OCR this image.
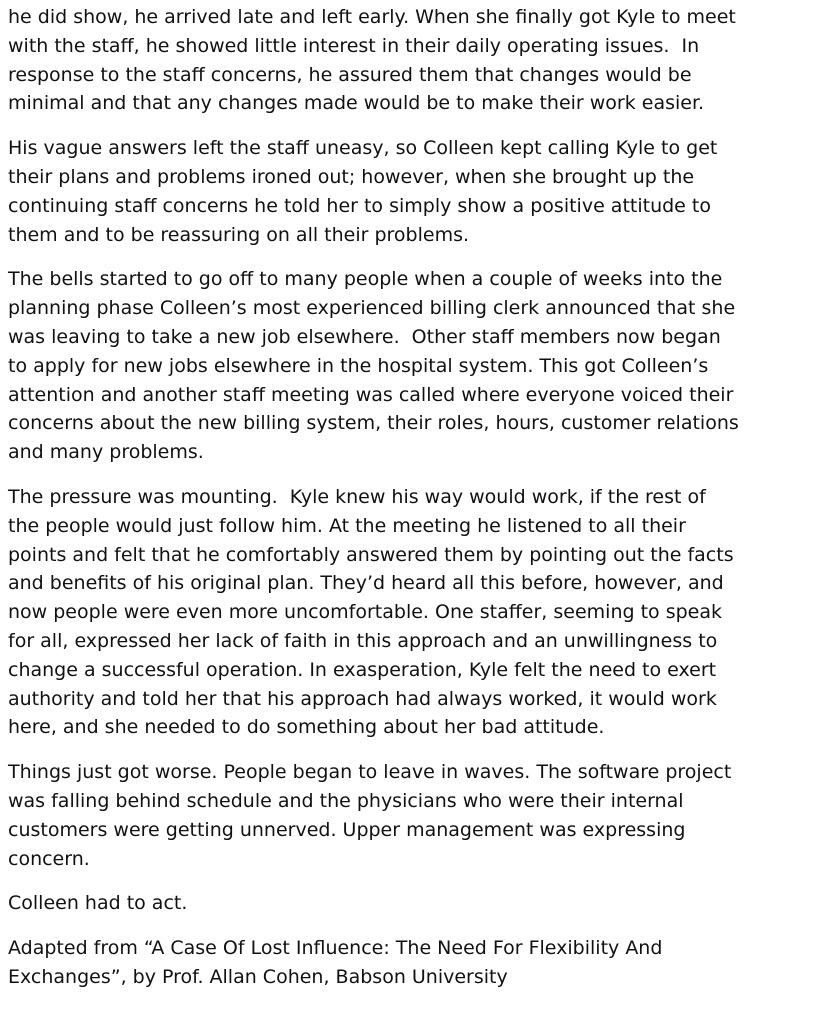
he did show, he arrived late and left early. When she finally got Kyle to meet
with the staff, he showed little interest in their daily operating issues.  In
response to the staff concerns, he assured them that changes would be
minimal and that any changes made would be to make their work easier.

His vague answers left the staff uneasy, so Colleen kept calling Kyle to get
their plans and problems ironed out; however, when she brought up the
continuing staff concerns he told her to simply show a positive attitude to
them and to be reassuring on all their problems.

The bells started to go off to many people when a couple of weeks into the
planning phase Colleen’s most experienced billing clerk announced that she
was leaving to take a new job elsewhere.  Other staff members now began
to apply for new jobs elsewhere in the hospital system. This got Colleen’s
attention and another staff meeting was called where everyone voiced their
concerns about the new billing system, their roles, hours, customer relations
and many problems.

The pressure was mounting.  Kyle knew his way would work, if the rest of
the people would just follow him. At the meeting he listened to all their
points and felt that he comfortably answered them by pointing out the facts
and benefits of his original plan. They’d heard all this before, however, and
now people were even more uncomfortable. One staffer, seeming to speak
for all, expressed her lack of faith in this approach and an unwillingness to
change a successful operation. In exasperation, Kyle felt the need to exert
authority and told her that his approach had always worked, it would work
here, and she needed to do something about her bad attitude.

Things just got worse. People began to leave in waves. The software project
was falling behind schedule and the physicians who were their internal
customers were getting unnerved. Upper management was expressing
concern.

Colleen had to act.

Adapted from “A Case Of Lost Influence: The Need For Flexibility And
Exchanges”, by Prof. Allan Cohen, Babson University
